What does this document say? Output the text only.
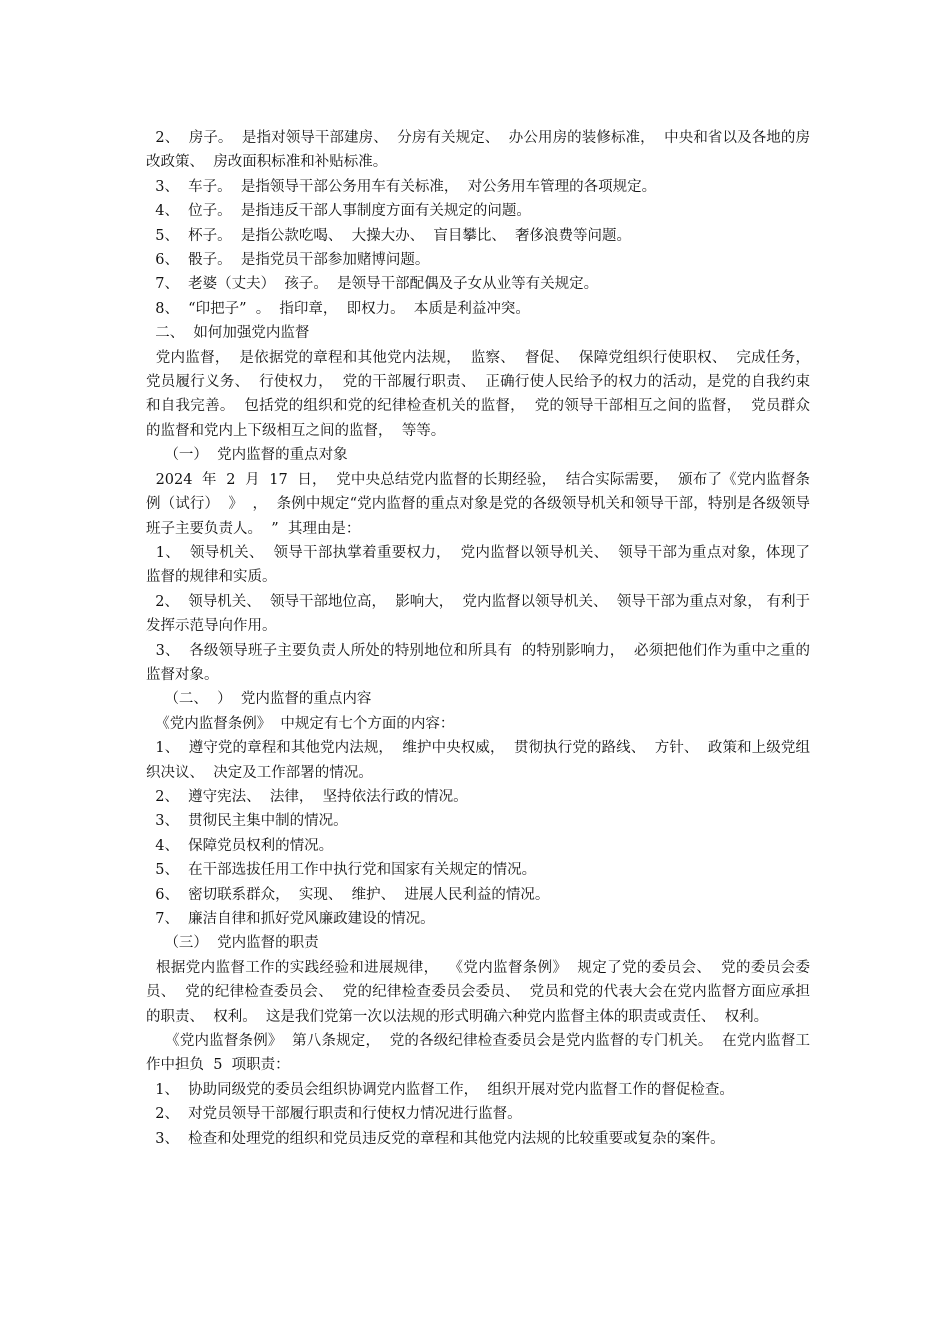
2、  房子。  是指对领导干部建房、  分房有关规定、  办公用房的装修标准，  中央和省以及各地的房改政策、  房改面积标准和补贴标准。

3、  车子。  是指领导干部公务用车有关标准，  对公务用车管理的各项规定。

4、  位子。  是指违反干部人事制度方面有关规定的问题。

5、  杯子。  是指公款吃喝、  大操大办、  盲目攀比、  奢侈浪费等问题。

6、  骰子。  是指党员干部参加赌博问题。

7、  老婆（丈夫）  孩子。  是领导干部配偶及子女从业等有关规定。

8、  “印把子”  。  指印章，  即权力。  本质是利益冲突。

二、  如何加强党内监督

党内监督，  是依据党的章程和其他党内法规，  监察、  督促、  保障党组织行使职权、  完成任务，  党员履行义务、  行使权力，  党的干部履行职责、  正确行使人民给予的权力的活动，是党的自我约束和自我完善。  包括党的组织和党的纪律检查机关的监督，  党的领导干部相互之间的监督，  党员群众的监督和党内上下级相互之间的监督，  等等。

（一）  党内监督的重点对象

2024  年  2  月  17  日，  党中央总结党内监督的长期经验，  结合实际需要，  颁布了《党内监督条例（试行）  》  ，  条例中规定“党内监督的重点对象是党的各级领导机关和领导干部，特别是各级领导班子主要负责人。  ”  其理由是：

1、  领导机关、  领导干部执掌着重要权力，  党内监督以领导机关、  领导干部为重点对象，体现了 监督的规律和实质。

2、  领导机关、  领导干部地位高，  影响大，  党内监督以领导机关、  领导干部为重点对象， 有利于发挥示范导向作用。

3、  各级领导班子主要负责人所处的特别地位和所具有  的特别影响力，  必须把他们作为重中之重的监督对象。

（二、  ）  党内监督的重点内容

《党内监督条例》  中规定有七个方面的内容：

1、  遵守党的章程和其他党内法规，  维护中央权威，  贯彻执行党的路线、  方针、  政策和上级党组织决议、  决定及工作部署的情况。

2、  遵守宪法、  法律，  坚持依法行政的情况。

3、  贯彻民主集中制的情况。

4、  保障党员权利的情况。

5、  在干部选拔任用工作中执行党和国家有关规定的情况。

6、  密切联系群众，  实现、  维护、  进展人民利益的情况。

7、  廉洁自律和抓好党风廉政建设的情况。

（三）  党内监督的职责

根据党内监督工作的实践经验和进展规律，  《党内监督条例》  规定了党的委员会、  党的委员会委员、  党的纪律检查委员会、  党的纪律检查委员会委员、  党员和党的代表大会在党内监督方面应承担的职责、  权利。  这是我们党第一次以法规的形式明确六种党内监督主体的职责或责任、  权利。

《党内监督条例》  第八条规定，  党的各级纪律检查委员会是党内监督的专门机关。  在党内监督工作中担负  5  项职责：

1、  协助同级党的委员会组织协调党内监督工作，  组织开展对党内监督工作的督促检查。

2、  对党员领导干部履行职责和行使权力情况进行监督。

3、  检查和处理党的组织和党员违反党的章程和其他党内法规的比较重要或复杂的案件。
